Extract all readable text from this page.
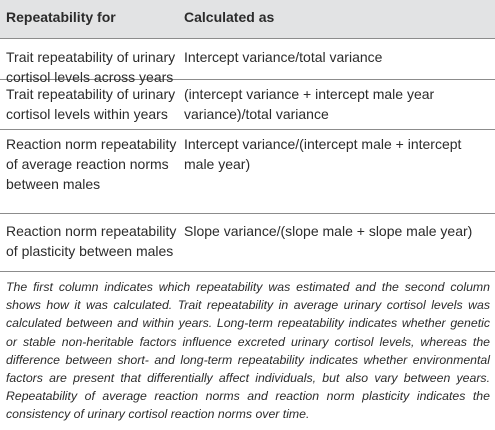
Repeatability for	Calculated as
Trait repeatability of urinary cortisol levels across years
Intercept variance/total variance
Trait repeatability of urinary cortisol levels within years
(intercept variance + intercept male year variance)/total variance
Reaction norm repeatability of average reaction norms between males
Intercept variance/(intercept male + intercept male year)
Reaction norm repeatability of plasticity between males
Slope variance/(slope male + slope male year)
The first column indicates which repeatability was estimated and the second column shows how it was calculated. Trait repeatability in average urinary cortisol levels was calculated between and within years. Long-term repeatability indicates whether genetic or stable non-heritable factors influence excreted urinary cortisol levels, whereas the difference between short- and long-term repeatability indicates whether environmental factors are present that differentially affect individuals, but also vary between years. Repeatability of average reaction norms and reaction norm plasticity indicates the consistency of urinary cortisol reaction norms over time.
